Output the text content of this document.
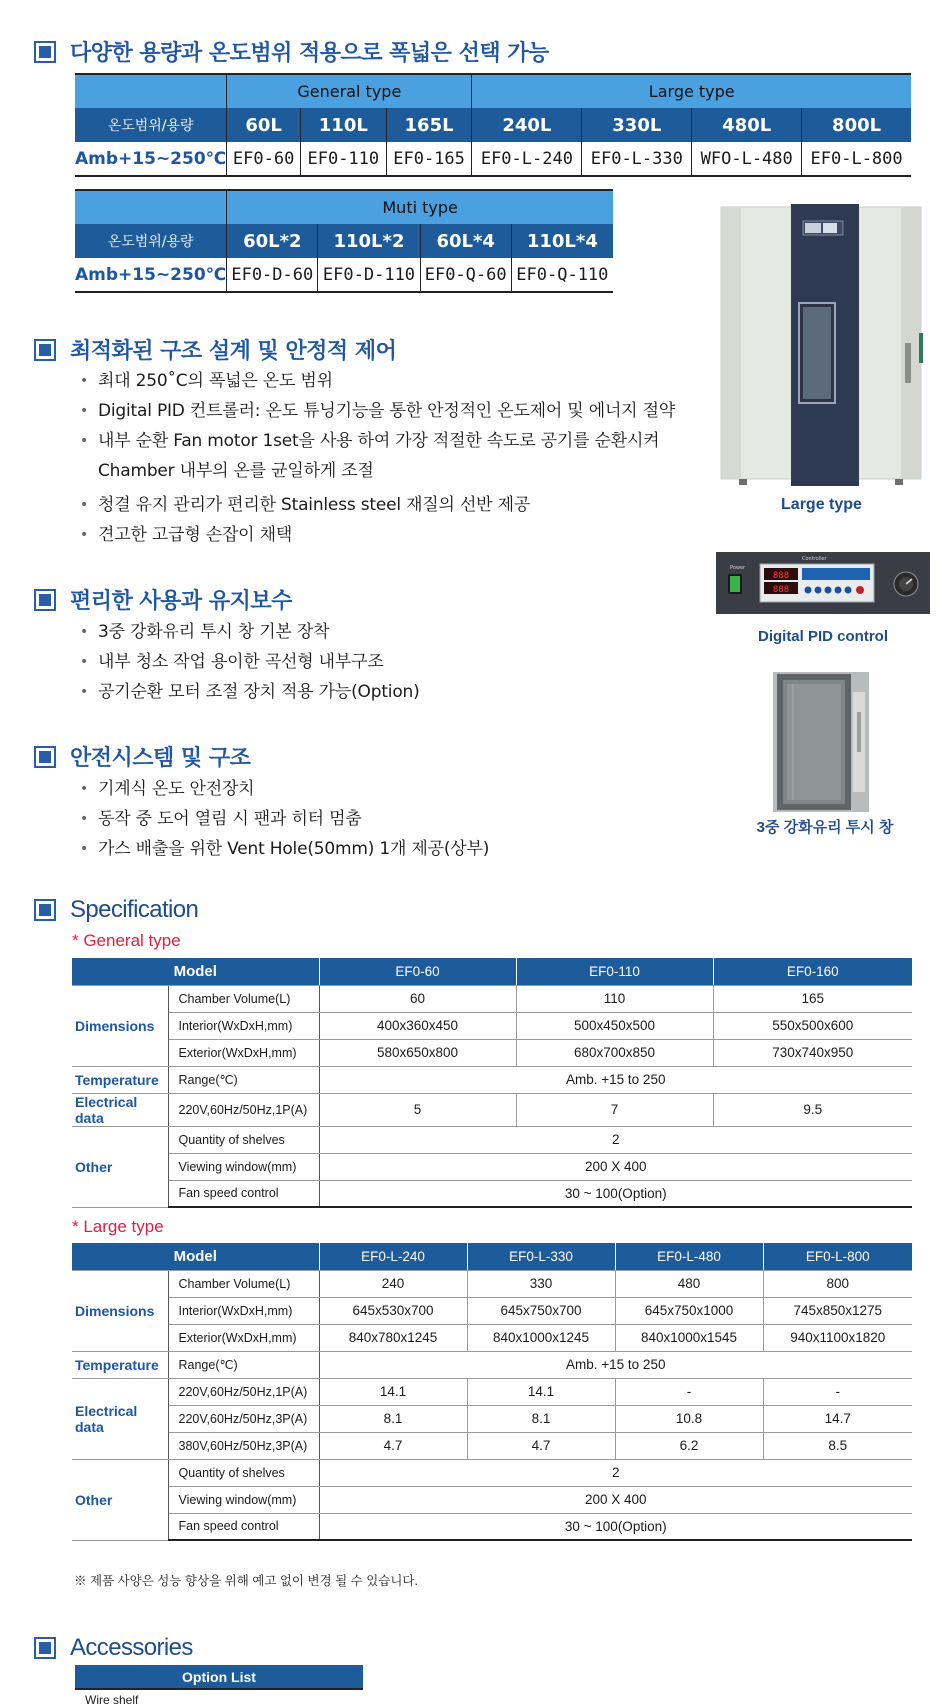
다양한 용량과 온도범위 적용으로 폭넓은 선택 가능
	General type			Large type			
온도범위/용량	60L	110L	165L	240L	330L	480L	800L
Amb+15~250℃	EF0-60	EF0-110	EF0-165	EF0-L-240	EF0-L-330	WFO-L-480	EF0-L-800
	Muti type			
온도범위/용량	60L*2	110L*2	60L*4	110L*4
Amb+15~250℃	EF0-D-60	EF0-D-110	EF0-Q-60	EF0-Q-110
최적화된 구조 설계 및 안정적 제어
• 최대 250˚C의 폭넓은 온도 범위
• Digital PID 컨트롤러: 온도 튜닝기능을 통한 안정적인 온도제어 및 에너지 절약
• 내부 순환 Fan motor 1set을 사용 하여 가장 적절한 속도로 공기를 순환시켜
Chamber 내부의 온를 균일하게 조절
• 청결 유지 관리가 편리한 Stainless steel 재질의 선반 제공
• 견고한 고급형 손잡이 채택
편리한 사용과 유지보수
• 3중 강화유리 투시 창 기본 장착
• 내부 청소 작업 용이한 곡선형 내부구조
• 공기순환 모터 조절 장치 적용 가능(Option)
안전시스템 및 구조
• 기계식 온도 안전장치
• 동작 중 도어 열림 시 팬과 히터 멈춤
• 가스 배출을 위한 Vent Hole(50mm) 1개 제공(상부)
Large type
Controller
Power
888
888
Digital PID control
3중 강화유리 투시 창
Specification
* General type
Model		EF0-60	EF0-110	EF0-160
Dimensions	Chamber Volume(L)	60	110	165
	Interior(WxDxH,mm)	400x360x450	500x450x500	550x500x600
	Exterior(WxDxH,mm)	580x650x800	680x700x850	730x740x950
Temperature	Range(℃)	Amb. +15 to 250		
Electrical data	220V,60Hz/50Hz,1P(A)	5	7	9.5
Other	Quantity of shelves	2		
	Viewing window(mm)	200 X 400		
	Fan speed control	30 ~ 100(Option)		
* Large type
Model		EF0-L-240	EF0-L-330	EF0-L-480	EF0-L-800
Dimensions	Chamber Volume(L)	240	330	480	800
	Interior(WxDxH,mm)	645x530x700	645x750x700	645x750x1000	745x850x1275
	Exterior(WxDxH,mm)	840x780x1245	840x1000x1245	840x1000x1545	940x1100x1820
Temperature	Range(℃)	Amb. +15 to 250			
Electrical data	220V,60Hz/50Hz,1P(A)	14.1	14.1	-	-
	220V,60Hz/50Hz,3P(A)	8.1	8.1	10.8	14.7
	380V,60Hz/50Hz,3P(A)	4.7	4.7	6.2	8.5
Other	Quantity of shelves	2			
	Viewing window(mm)	200 X 400			
	Fan speed control	30 ~ 100(Option)			
※ 제품 사양은 성능 향상을 위해 예고 없이 변경 될 수 있습니다.
Accessories
Option List
Wire shelf
